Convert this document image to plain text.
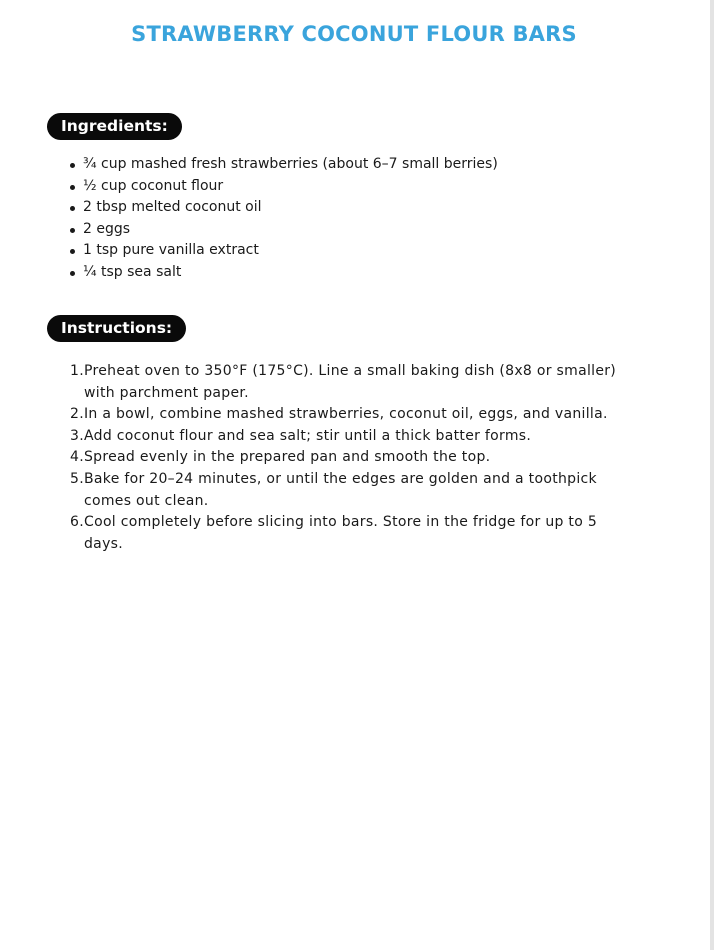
STRAWBERRY COCONUT FLOUR BARS
Ingredients:
¾ cup mashed fresh strawberries (about 6–7 small berries)
½ cup coconut flour
2 tbsp melted coconut oil
2 eggs
1 tsp pure vanilla extract
¼ tsp sea salt
Instructions:
1. Preheat oven to 350°F (175°C). Line a small baking dish (8x8 or smaller) with parchment paper.
2. In a bowl, combine mashed strawberries, coconut oil, eggs, and vanilla.
3. Add coconut flour and sea salt; stir until a thick batter forms.
4. Spread evenly in the prepared pan and smooth the top.
5. Bake for 20–24 minutes, or until the edges are golden and a toothpick comes out clean.
6. Cool completely before slicing into bars. Store in the fridge for up to 5 days.
